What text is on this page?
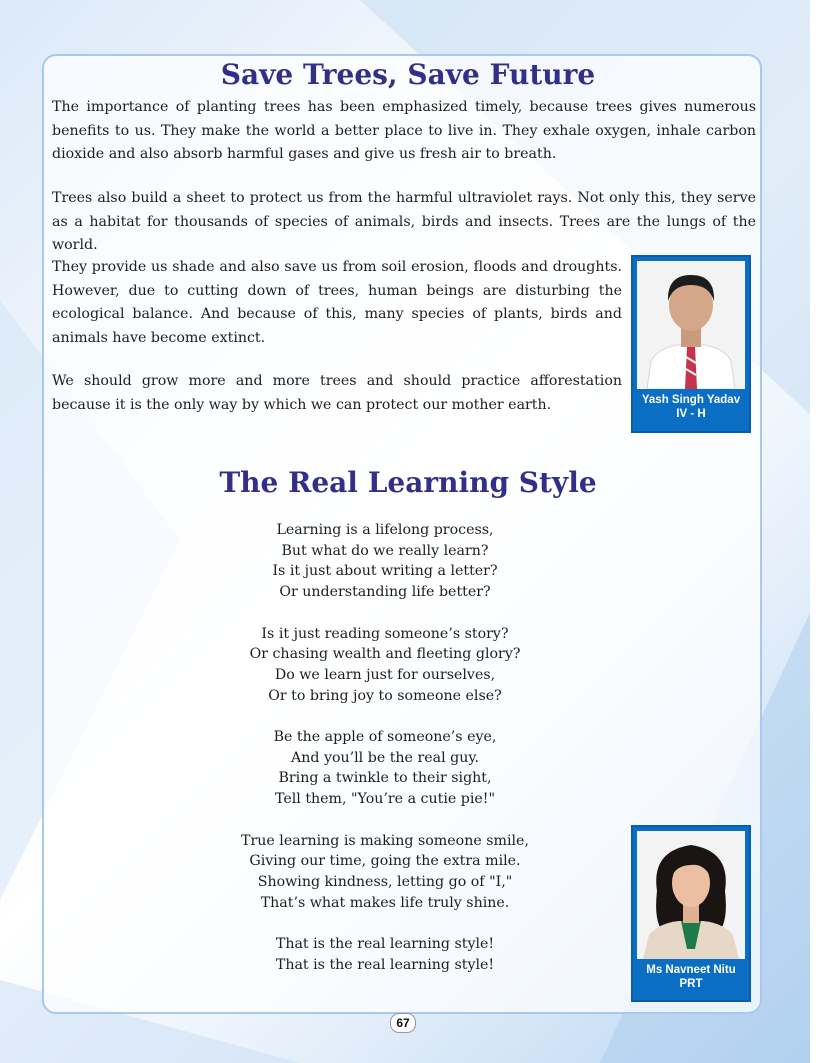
Save Trees, Save Future

The importance of planting trees has been emphasized timely, because trees gives numerous benefits to us. They make the world a better place to live in. They exhale oxygen, inhale carbon dioxide and also absorb harmful gases and give us fresh air to breath.

Trees also build a sheet to protect us from the harmful ultraviolet rays. Not only this, they serve as a habitat for thousands of species of animals, birds and insects. Trees are the lungs of the world.

They provide us shade and also save us from soil erosion, floods and droughts. However, due to cutting down of trees, human beings are disturbing the ecological balance. And because of this, many species of plants, birds and animals have become extinct.

We should grow more and more trees and should practice afforestation because it is the only way by which we can protect our mother earth.	Yash Singh Yadav
IV - H
The Real Learning Style
Learning is a lifelong process,
But what do we really learn?
Is it just about writing a letter?
Or understanding life better?
Is it just reading someone’s story?
Or chasing wealth and fleeting glory?
Do we learn just for ourselves,
Or to bring joy to someone else?
Be the apple of someone’s eye,
And you’ll be the real guy.
Bring a twinkle to their sight,
Tell them, "You’re a cutie pie!"
True learning is making someone smile,
Giving our time, going the extra mile.
Showing kindness, letting go of "I,"
That’s what makes life truly shine.
That is the real learning style!
That is the real learning style!	Ms Navneet Nitu
PRT
67
